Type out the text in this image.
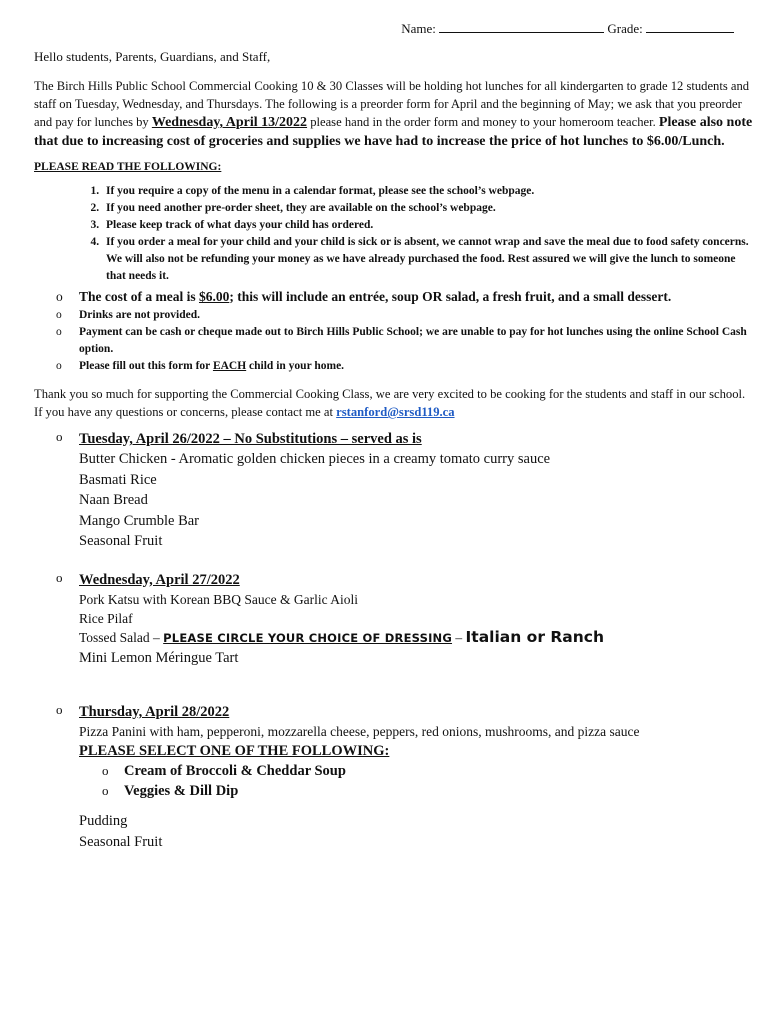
Name:	Grade:

Hello students, Parents, Guardians, and Staff,

The Birch Hills Public School Commercial Cooking 10 & 30 Classes will be holding hot lunches for all kindergarten to grade 12 students and staff on Tuesday, Wednesday, and Thursdays. The following is a preorder form for April and the beginning of May; we ask that you preorder and pay for lunches by Wednesday, April 13/2022 please hand in the order form and money to your homeroom teacher. Please also note that due to increasing cost of groceries and supplies we have had to increase the price of hot lunches to $6.00/Lunch.

PLEASE READ THE FOLLOWING:

1. If you require a copy of the menu in a calendar format, please see the school’s webpage.
2. If you need another pre-order sheet, they are available on the school’s webpage.
3. Please keep track of what days your child has ordered.
4. If you order a meal for your child and your child is sick or is absent, we cannot wrap and save the meal due to food safety concerns. We will also not be refunding your money as we have already purchased the food. Rest assured we will give the lunch to someone that needs it.
o The cost of a meal is $6.00; this will include an entrée, soup OR salad, a fresh fruit, and a small dessert.
o Drinks are not provided.
o Payment can be cash or cheque made out to Birch Hills Public School; we are unable to pay for hot lunches using the online School Cash option.
o Please fill out this form for EACH child in your home.

Thank you so much for supporting the Commercial Cooking Class, we are very excited to be cooking for the students and staff in our school. If you have any questions or concerns, please contact me at rstanford@srsd119.ca

o Tuesday, April 26/2022 – No Substitutions – served as is
Butter Chicken - Aromatic golden chicken pieces in a creamy tomato curry sauce
Basmati Rice
Naan Bread
Mango Crumble Bar
Seasonal Fruit
o Wednesday, April 27/2022
Pork Katsu with Korean BBQ Sauce & Garlic Aioli
Rice Pilaf
Tossed Salad – PLEASE CIRCLE YOUR CHOICE OF DRESSING – Italian or Ranch
Mini Lemon Méringue Tart
o Thursday, April 28/2022
Pizza Panini with ham, pepperoni, mozzarella cheese, peppers, red onions, mushrooms, and pizza sauce
PLEASE SELECT ONE OF THE FOLLOWING:
o Cream of Broccoli & Cheddar Soup
o Veggies & Dill Dip
Pudding
Seasonal Fruit
